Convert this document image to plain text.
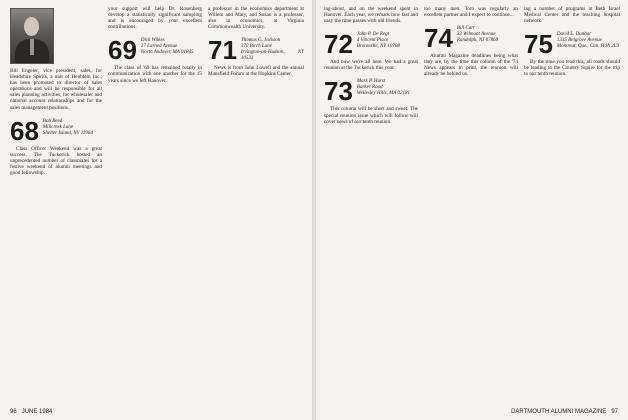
Bill Engeler, vice president, sales, for Headshire Spirits, a unit of Heublein Inc., has been promoted to director of sales operations and will be responsible for all sales planning activities, for wholesaler and national account relationships and for the sales management positions.

68 Bob Reed
Millcreek Lane
Shelter Island, NY 11964

Class Officer Weekend was a great success. The Tuckerick hosted an unprecedented number of classmates for a festive weekend of alumni meetings and good fellowship.

your support will help Dr. Rosenberg develop a statistically significant sampling and is encouraged by your excellent contributions.

69 Dick Wilkes
27 Larned Avenue
North Andover, MA 01845

The class of '69 has remained totally in communication with one another for the 15 years since we left Hanover.

a professor in the economics department at Willem and Mary, and Susan is a professor, also in economics, at Virginia Commonwealth University.

71 Thomas G. Jackson
370 Birch Lane
Irvington-on-Hudson, NY 10533

News is from John Lowell and the annual Mansfield Forum at the Hopkins Center.

96 JUNE 1984

ing-about, and on the weekend spent in Hanover. Each year, we remark how fast and easy the time passes with old friends.

72 John P. De Regt
4 Vincent Place
Bronxville, NY 10708

And now we're all here. We had a great reunion at the Tuckerick this year.

73 Mark P. Hurst
Barker Road
Wellesley Hills, MA 02181

This column will be short and sweet. The special reunion issue which will follow will cover news of our tenth reunion.

too many men. Tom was regularly an excellent partner and I expect to continue...

74 Bill Carr
33 Wilmont Avenue
Randolph, NJ 07869

Alumni Magazine deadlines being what they are, by the time this column of the '74 News appears in print, the reunion will already be behind us.

ing a number of programs at Beth Israel Medical Center and the teaching hospital network.

75 David L. Dunbar
1335 Belgrave Avenue
Montreal, Que., Can. H4A 2L9

By the time you read this, all roads should be leading to the Country Squire for the trip to our tenth reunion.

DARTMOUTH ALUMNI MAGAZINE 97
